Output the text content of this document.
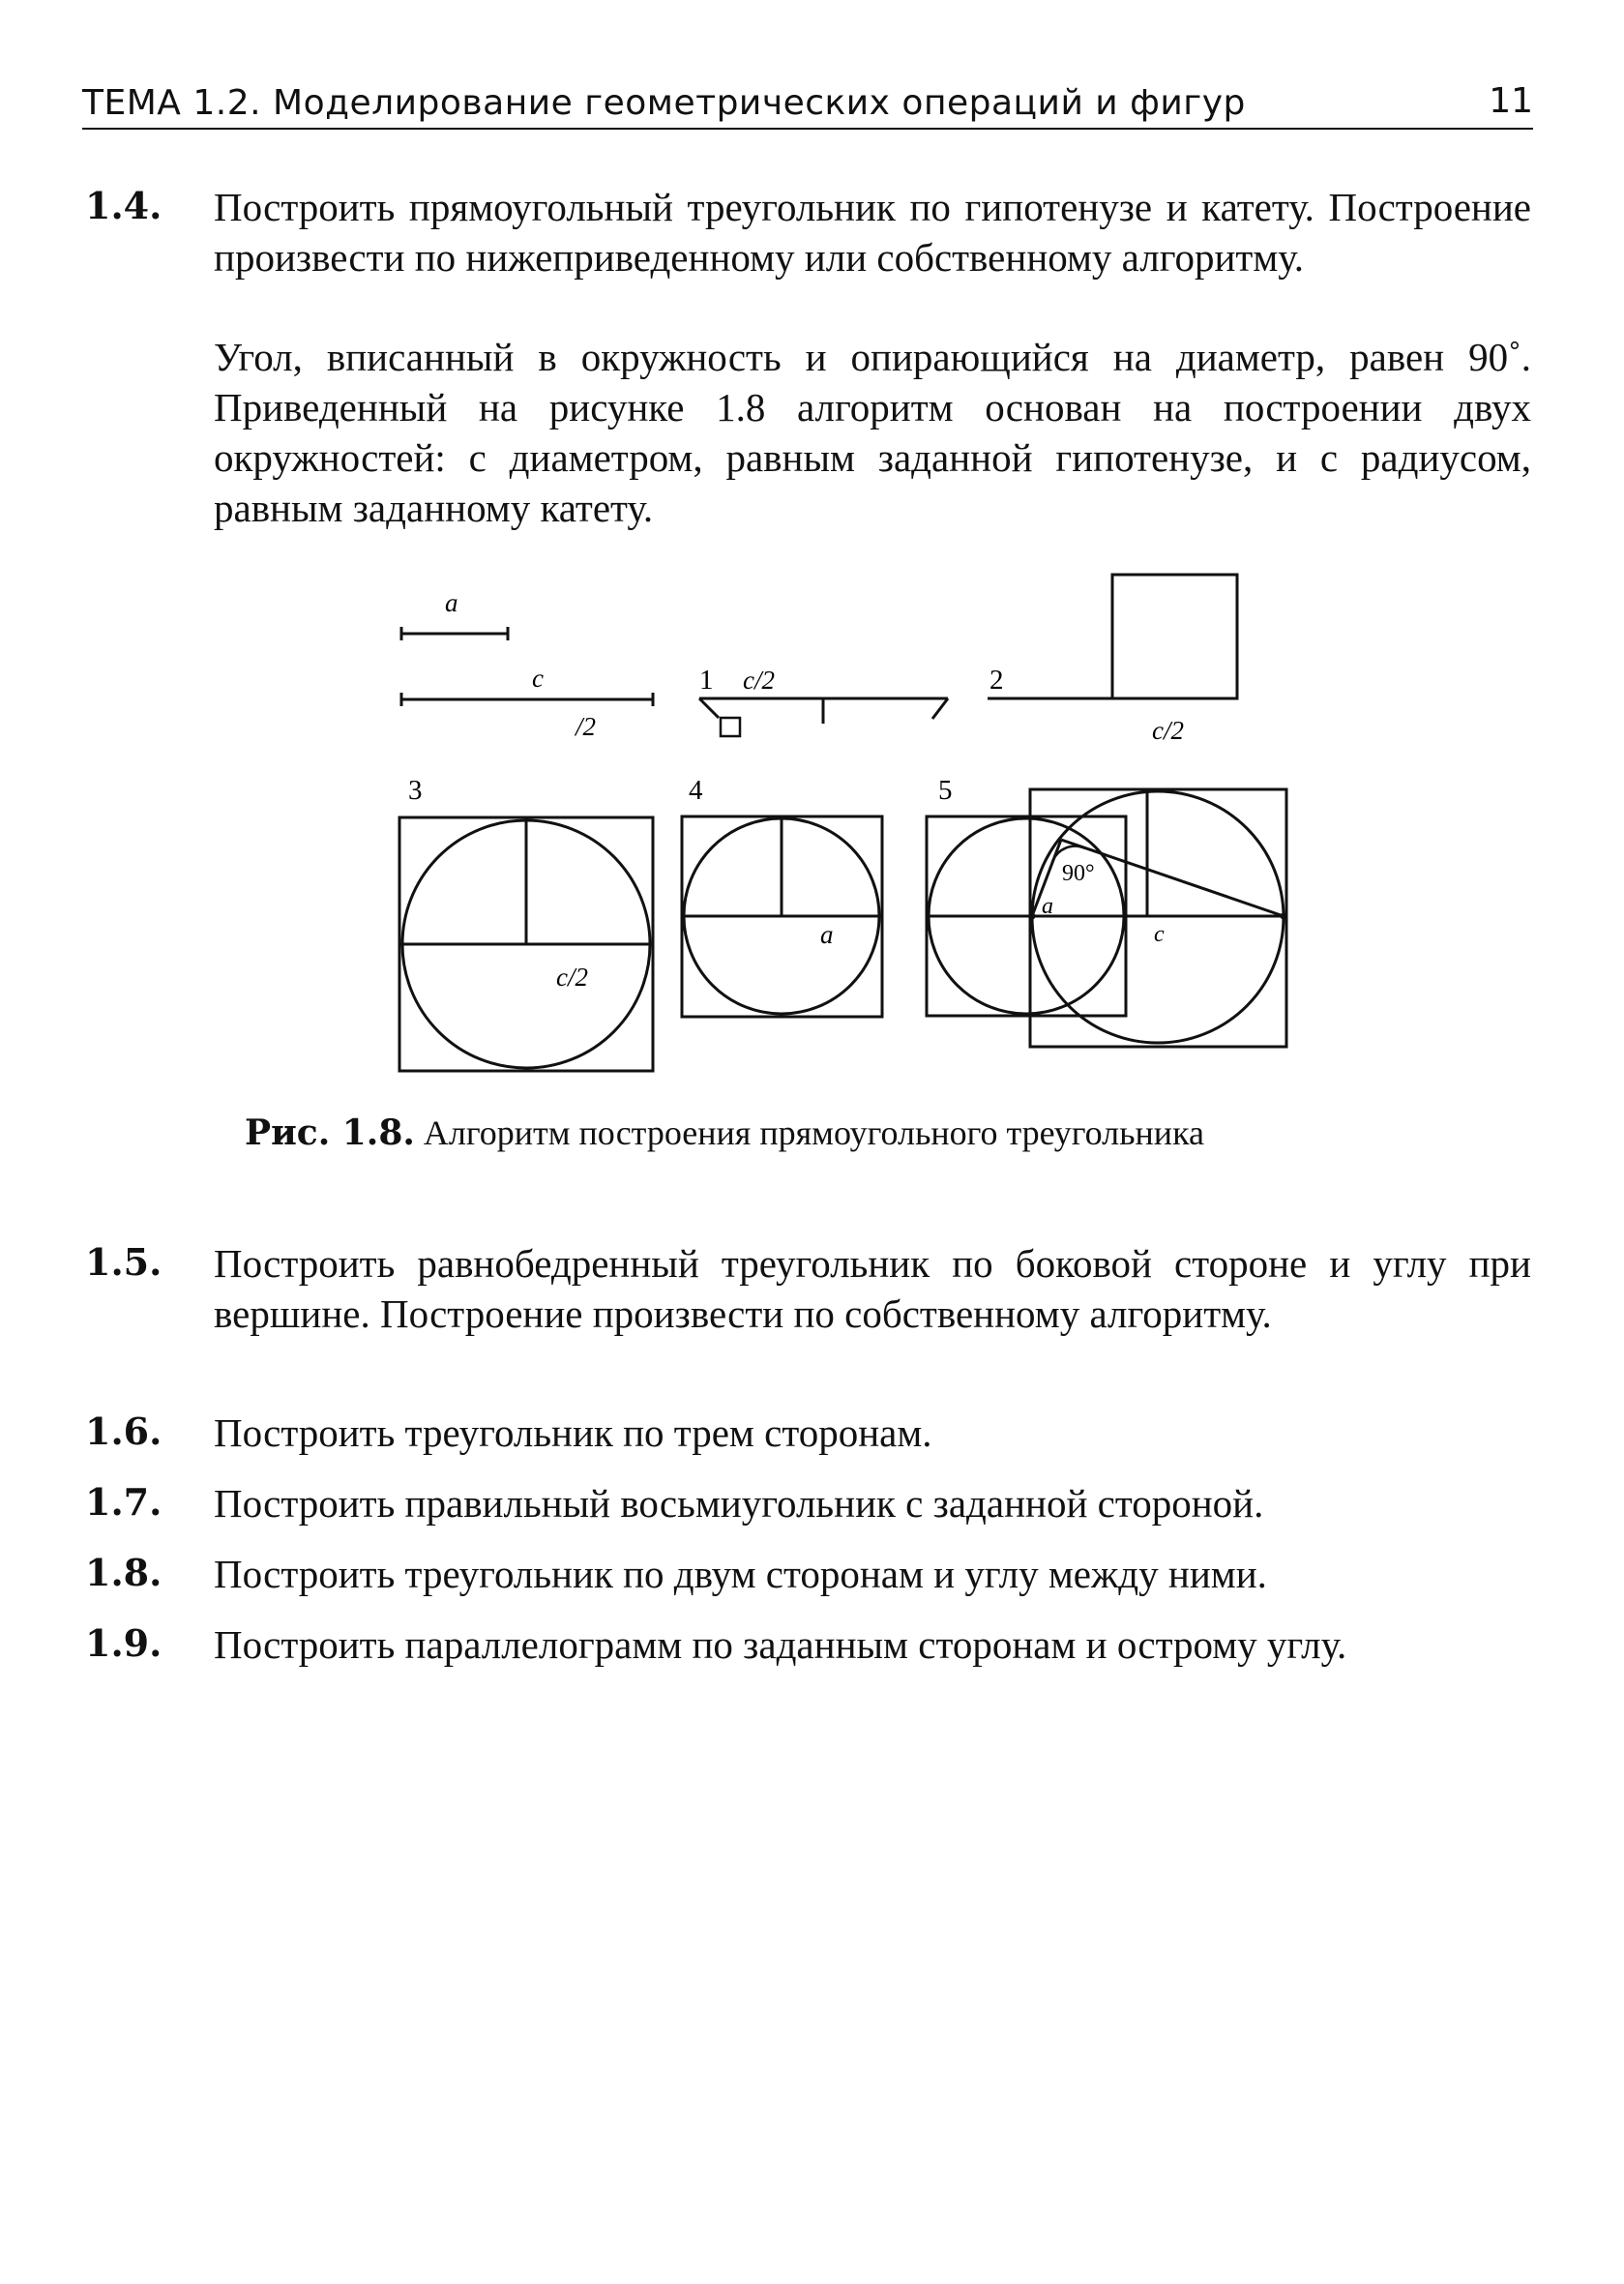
ТЕМА 1.2. Моделирование геометрических операций и фигур	11
1.4. Построить прямоугольный треугольник по гипотенузе и катету. Построение произвести по нижеприведенному или собственному алгоритму.
Угол, вписанный в окружность и опирающийся на диаметр, равен 90˚. Приведенный на рисунке 1.8 алгоритм основан на построении двух окружностей: с диаметром, равным заданной гипотенузе, и с радиусом, равным заданному катету.
a
c
/2
1 c/2	2
c/2
3
c/2
4
a
5
90°
a
c
Рис. 1.8. Алгоритм построения прямоугольного треугольника
1.5. Построить равнобедренный треугольник по боковой стороне и углу при вершине. Построение произвести по собственному алгоритму.
1.6. Построить треугольник по трем сторонам.
1.7. Построить правильный восьмиугольник с заданной стороной.
1.8. Построить треугольник по двум сторонам и углу между ними.
1.9. Построить параллелограмм по заданным сторонам и острому углу.
